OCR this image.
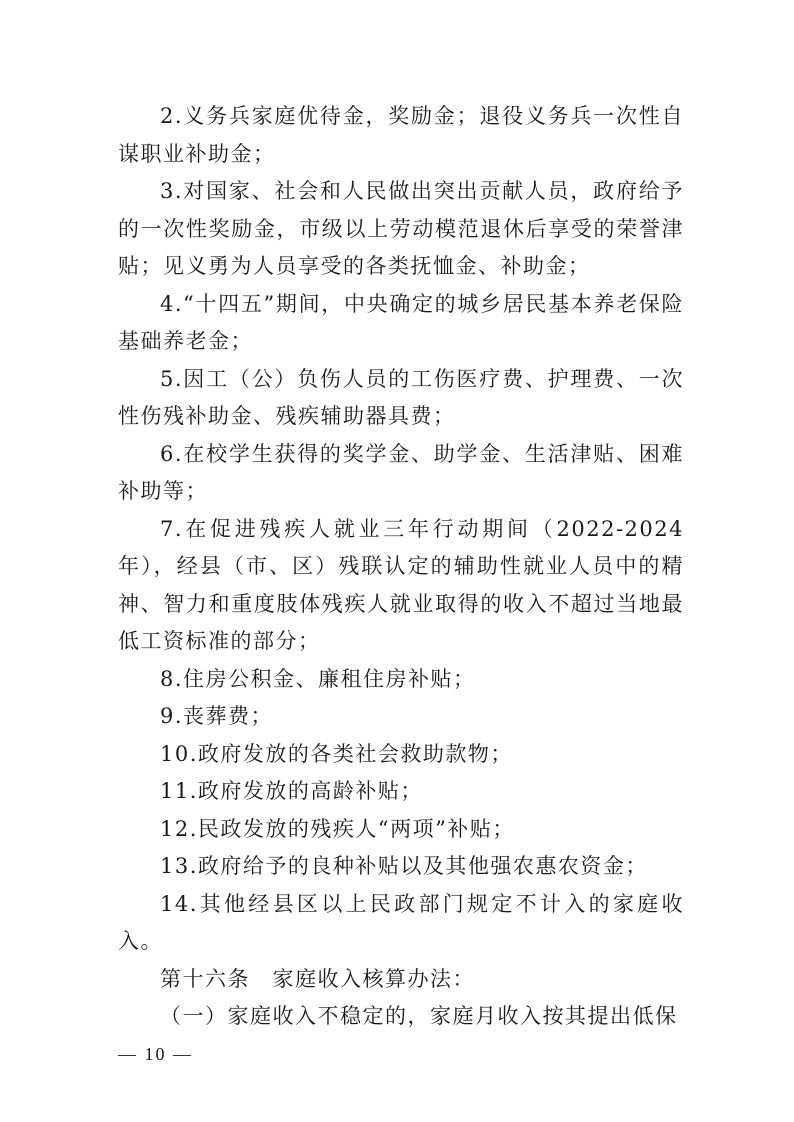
2.义务兵家庭优待金，奖励金；退役义务兵一次性自谋职业补助金；

3.对国家、社会和人民做出突出贡献人员，政府给予的一次性奖励金，市级以上劳动模范退休后享受的荣誉津贴；见义勇为人员享受的各类抚恤金、补助金；

4.“十四五”期间，中央确定的城乡居民基本养老保险基础养老金；

5.因工（公）负伤人员的工伤医疗费、护理费、一次性伤残补助金、残疾辅助器具费；

6.在校学生获得的奖学金、助学金、生活津贴、困难补助等；

7.在促进残疾人就业三年行动期间（2022-2024年），经县（市、区）残联认定的辅助性就业人员中的精神、智力和重度肢体残疾人就业取得的收入不超过当地最低工资标准的部分；

8.住房公积金、廉租住房补贴；

9.丧葬费；

10.政府发放的各类社会救助款物；

11.政府发放的高龄补贴；

12.民政发放的残疾人“两项”补贴；

13.政府给予的良种补贴以及其他强农惠农资金；

14.其他经县区以上民政部门规定不计入的家庭收入。

第十六条　家庭收入核算办法：

（一）家庭收入不稳定的，家庭月收入按其提出低保

— 10 —
